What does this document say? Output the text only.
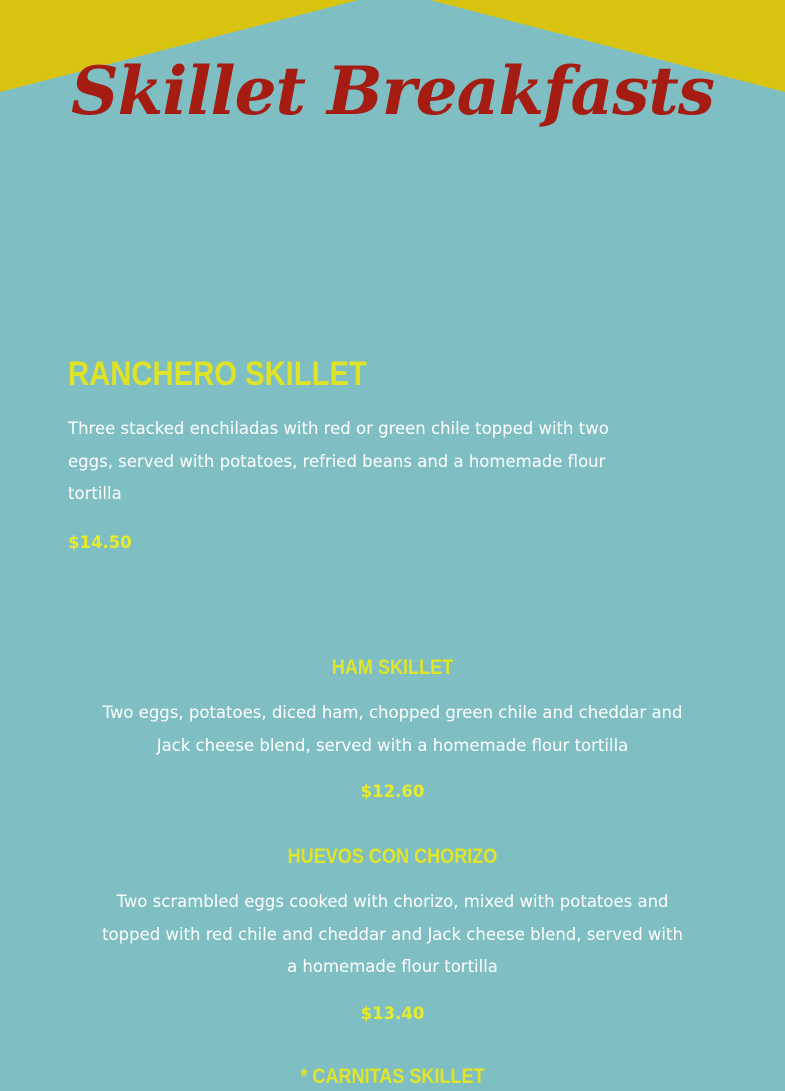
Skillet Breakfasts
RANCHERO SKILLET

Three stacked enchiladas with red or green chile topped with two eggs, served with potatoes, refried beans and a homemade flour tortilla

$14.50

HAM SKILLET

Two eggs, potatoes, diced ham, chopped green chile and cheddar and Jack cheese blend, served with a homemade flour tortilla

$12.60

HUEVOS CON CHORIZO

Two scrambled eggs cooked with chorizo, mixed with potatoes and topped with red chile and cheddar and Jack cheese blend, served with a homemade flour tortilla

$13.40

* CARNITAS SKILLET
